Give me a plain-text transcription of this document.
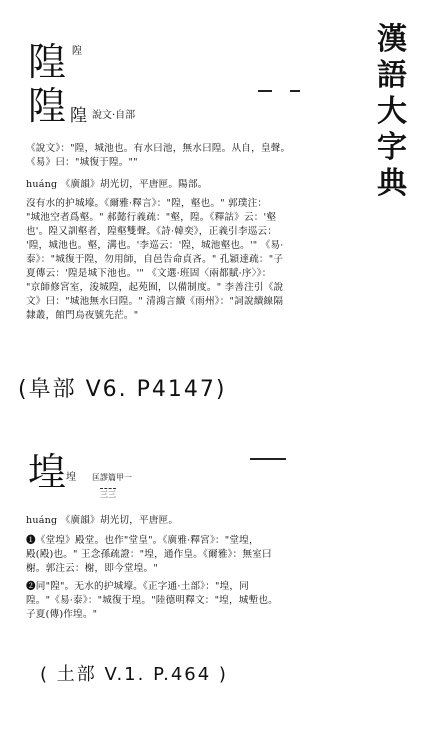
漢
語
大
字
典
隍 隍
隍 隍 說文·自部
《說文》："隍，城池也。有水曰池，無水曰隍。从自，皇聲。
《易》曰："城復于隍。""
huáng 《廣韻》胡光切，平唐匣。陽部。
沒有水的护城壕。《爾雅·釋言》："隍，壑也。" 郭璞注：
"城池空者爲壑。" 郝懿行義疏："壑，隍。《釋詁》云：'壑
也'。隍又訓壑者，隍壑雙聲。《詩·韓奕》，正義引李巡云：
'隍，城池也。壑，溝也。'李巡云：'隍，城池壑也。'" 《易·
泰》："城復于隍，勿用師，自邑告命貞吝。" 孔穎達疏："子
夏傳云：'隍是城下池也。'" 《文選·班固〈兩都賦·序〉》：
"京師修宮室，浚城隍，起苑囿，以備制度。" 李善注引《說
文》曰："城池無水曰隍。" 清鴻言續《雨州》："詞說續線隔
隸叢，館門烏夜號先茫。"
(阜部 V6. P4147)
堭 堭 匡謬篇甲一
三三
huáng 《廣韻》胡光切，平唐匣。
❶《堂堭》殿堂。也作"堂皇"。《廣雅·釋宮》："堂堭，
殿(殿)也。" 王念孫疏證："堭，通作皇。《爾雅》：無室曰
榭。郭注云：榭，即今堂堭。"
❷同"隍"。无水的护城壕。《正字通·土部》："堭，同
隍。"《易·泰》："城復于堭。"陸德明釋文："堭，城塹也。
子夏(傳)作堭。"
( 土部 V.1. P.464 )
